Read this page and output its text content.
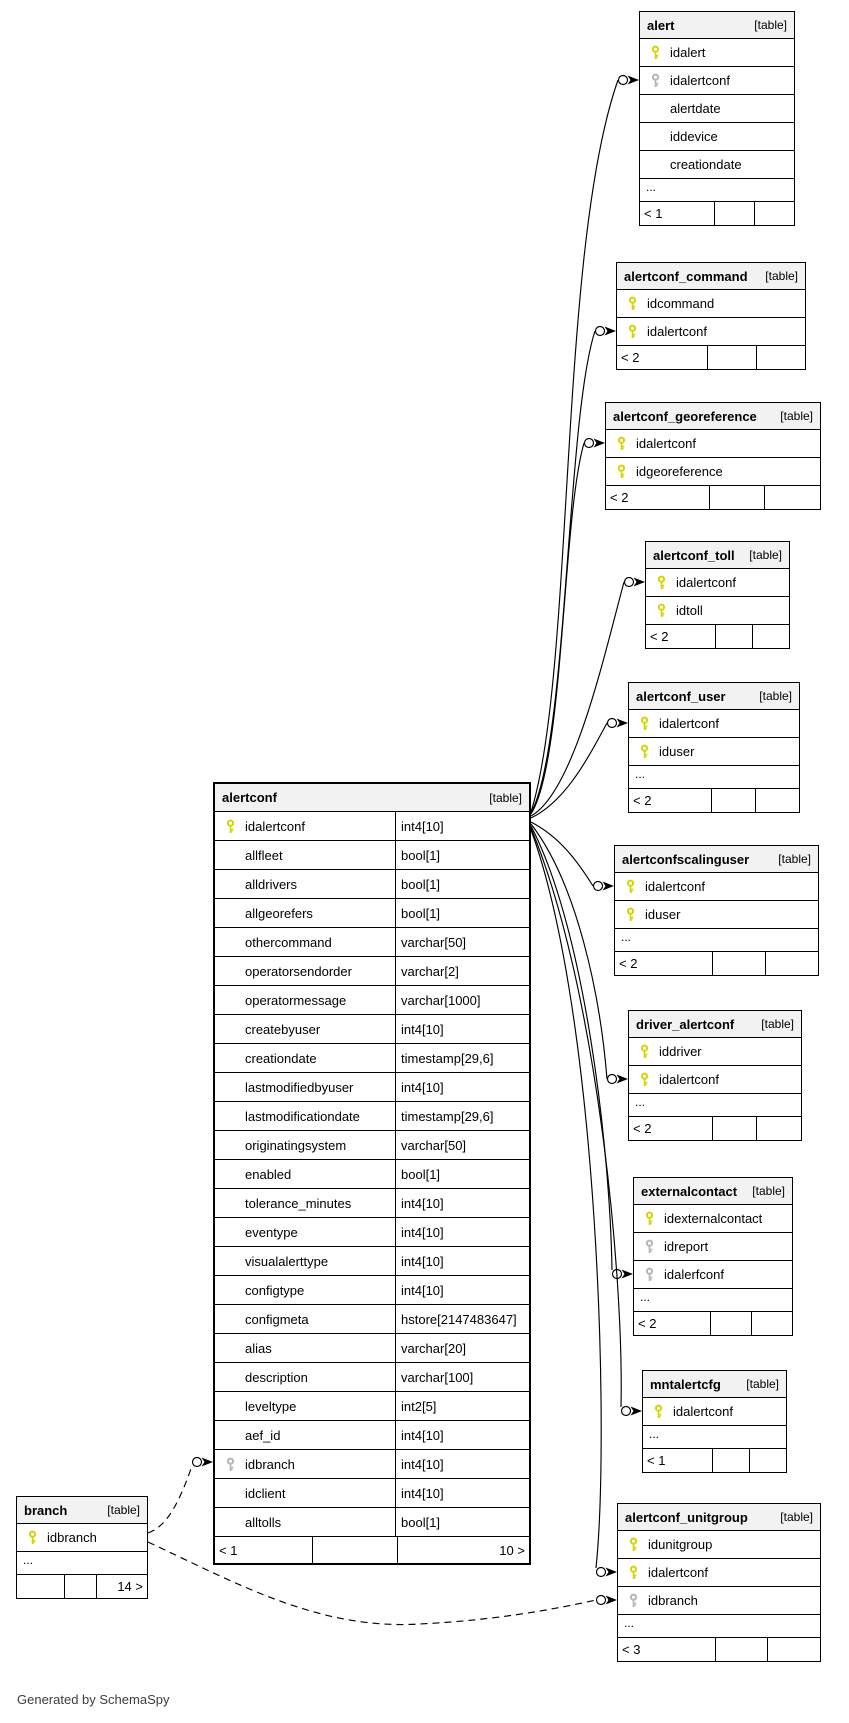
Generated by SchemaSpy
alert	[table]
idalert
idalertconf
alertdate
iddevice
creationdate
...
< 1
alertconf_command [table]
idcommand
idalertconf
< 2
alertconf_georeference [table]
idalertconf
idgeoreference
< 2
alertconf_toll [table]
idalertconf
idtoll
< 2
alertconf_user	[table]
idalertconf
iduser
...
< 2
alertconfscalinguser [table]
idalertconf
iduser
...
< 2
driver_alertconf [table]
iddriver
idalertconf
...
< 2
externalcontact [table]
idexternalcontact
idreport
idalerfconf
...
< 2
mntalertcfg [table]
idalertconf
...
< 1
alertconf_unitgroup	[table]
idunitgroup
idalertconf
idbranch
...
< 3
alertconf	[table]
idalertconf	int4[10]
allfleet	bool[1]
alldrivers	bool[1]
allgeorefers	bool[1]
othercommand	varchar[50]
operatorsendorder	varchar[2]
operatormessage	varchar[1000]
createbyuser	int4[10]
creationdate	timestamp[29,6]
lastmodifiedbyuser	int4[10]
lastmodificationdate	timestamp[29,6]
originatingsystem	varchar[50]
enabled	bool[1]
tolerance_minutes	int4[10]
eventype	int4[10]
visualalerttype	int4[10]
configtype	int4[10]
configmeta	hstore[2147483647]
alias	varchar[20]
description	varchar[100]
leveltype	int2[5]
aef_id	int4[10]
idbranch	int4[10]
idclient	int4[10]
alltolls	bool[1]
< 1	10 >
branch	[table]
idbranch
...
14 >
